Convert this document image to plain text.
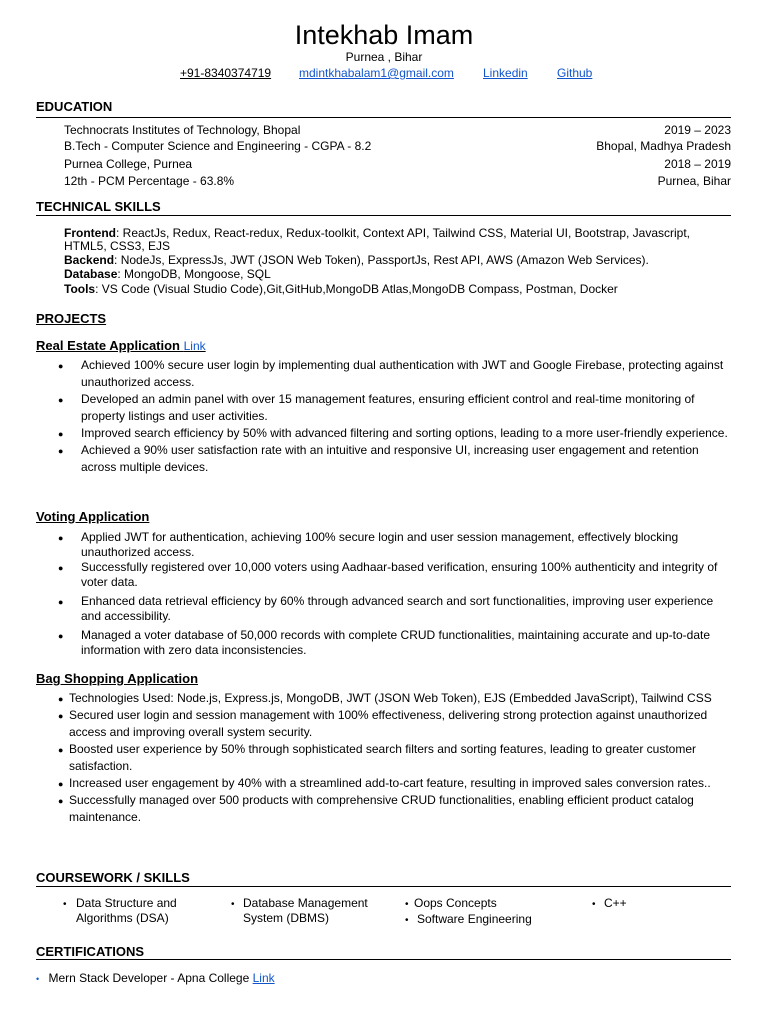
Intekhab Imam
Purnea , Bihar
+91-8340374719 mdintkhabalam1@gmail.com Linkedin Github
EDUCATION
Technocrats Institutes of Technology, Bhopal	2019 – 2023
B.Tech - Computer Science and Engineering - CGPA - 8.2	Bhopal, Madhya Pradesh
Purnea College, Purnea	2018 – 2019
12th - PCM Percentage - 63.8%	Purnea, Bihar
TECHNICAL SKILLS
Frontend: ReactJs, Redux, React-redux, Redux-toolkit, Context API, Tailwind CSS, Material UI, Bootstrap, Javascript, HTML5, CSS3, EJS
Backend: NodeJs, ExpressJs, JWT (JSON Web Token), PassportJs, Rest API, AWS (Amazon Web Services).
Database: MongoDB, Mongoose, SQL
Tools: VS Code (Visual Studio Code),Git,GitHub,MongoDB Atlas,MongoDB Compass, Postman, Docker
PROJECTS
Real Estate Application Link
● Achieved 100% secure user login by implementing dual authentication with JWT and Google Firebase, protecting against unauthorized access.
● Developed an admin panel with over 15 management features, ensuring efficient control and real-time monitoring of property listings and user activities.
● Improved search efficiency by 50% with advanced filtering and sorting options, leading to a more user-friendly experience.
● Achieved a 90% user satisfaction rate with an intuitive and responsive UI, increasing user engagement and retention across multiple devices.
Voting Application
● Applied JWT for authentication, achieving 100% secure login and user session management, effectively blocking unauthorized access.
● Successfully registered over 10,000 voters using Aadhaar-based verification, ensuring 100% authenticity and integrity of voter data.
● Enhanced data retrieval efficiency by 60% through advanced search and sort functionalities, improving user experience and accessibility.
● Managed a voter database of 50,000 records with complete CRUD functionalities, maintaining accurate and up-to-date information with zero data inconsistencies.
Bag Shopping Application
● Technologies Used: Node.js, Express.js, MongoDB, JWT (JSON Web Token), EJS (Embedded JavaScript), Tailwind CSS
● Secured user login and session management with 100% effectiveness, delivering strong protection against unauthorized access and improving overall system security.
● Boosted user experience by 50% through sophisticated search filters and sorting features, leading to greater customer satisfaction.
● Increased user engagement by 40% with a streamlined add-to-cart feature, resulting in improved sales conversion rates..
● Successfully managed over 500 products with comprehensive CRUD functionalities, enabling efficient product catalog maintenance.
COURSEWORK / SKILLS
• Data Structure and Algorithms (DSA)
• Database Management System (DBMS)
• Oops Concepts
• Software Engineering
• C++
CERTIFICATIONS
• Mern Stack Developer - Apna College Link
